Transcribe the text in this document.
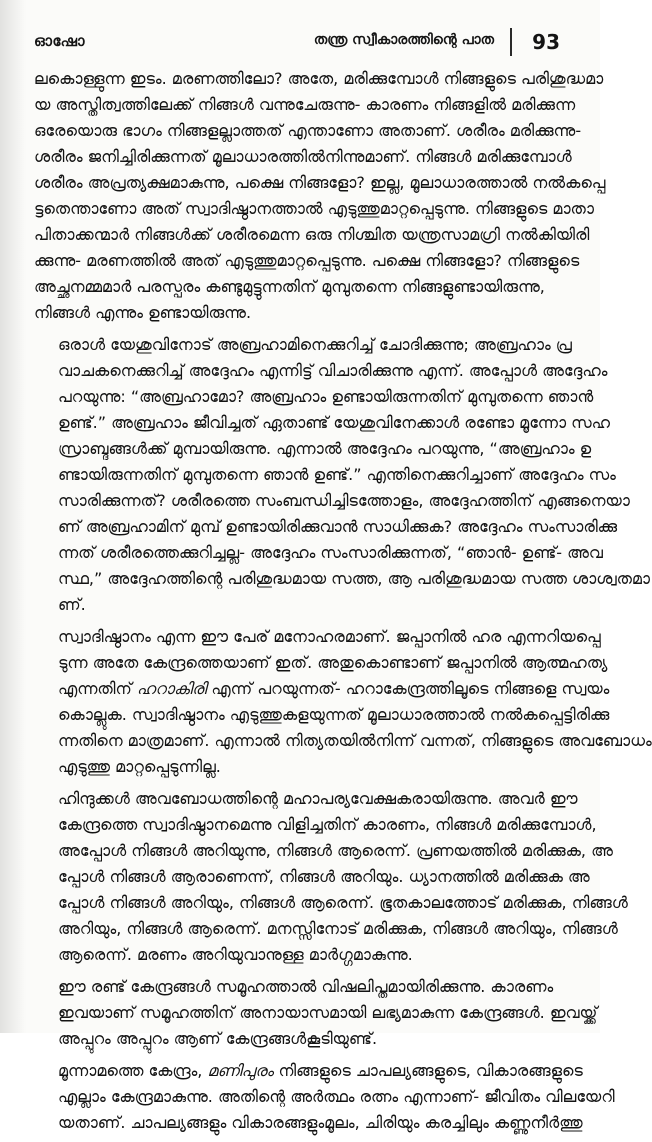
ഓഷോ	തന്ത്ര സ്വീകാരത്തിന്റെ പാത 93

ലകൊള്ളുന്ന ഇടം. മരണത്തിലോ? അതേ, മരിക്കുമ്പോൾ നിങ്ങളുടെ പരിശുദ്ധമാ
യ അസ്തിത്വത്തിലേക്ക് നിങ്ങൾ വന്നുചേരുന്നു- കാരണം നിങ്ങളിൽ മരിക്കുന്ന
ഒരേയൊരു ഭാഗം നിങ്ങളല്ലാത്തത് എന്താണോ അതാണ്. ശരീരം മരിക്കുന്നു-
ശരീരം ജനിച്ചിരിക്കുന്നത് മൂലാധാരത്തിൽനിന്നുമാണ്. നിങ്ങൾ മരിക്കുമ്പോൾ
ശരീരം അപ്രത്യക്ഷമാകുന്നു, പക്ഷെ നിങ്ങളോ? ഇല്ല, മൂലാധാരത്താൽ നൽകപ്പെ
ട്ടതെന്താണോ അത് സ്വാദിഷ്ഠാനത്താൽ എടുത്തുമാറ്റപ്പെടുന്നു. നിങ്ങളുടെ മാതാ
പിതാക്കന്മാർ നിങ്ങൾക്ക് ശരീരമെന്ന ഒരു നിശ്ചിത യന്ത്രസാമഗ്രി നൽകിയിരി
ക്കുന്നു- മരണത്തിൽ അത് എടുത്തുമാറ്റപ്പെടുന്നു. പക്ഷെ നിങ്ങളോ? നിങ്ങളുടെ
അച്ഛനമ്മമാർ പരസ്പരം കണ്ടുമുട്ടുന്നതിന് മുമ്പുതന്നെ നിങ്ങളുണ്ടായിരുന്നു,
നിങ്ങൾ എന്നും ഉണ്ടായിരുന്നു.

ഒരാൾ യേശുവിനോട് അബ്രഹാമിനെക്കുറിച്ച് ചോദിക്കുന്നു; അബ്രഹാം പ്ര
വാചകനെക്കുറിച്ച് അദ്ദേഹം എന്നിട്ട് വിചാരിക്കുന്നു എന്ന്. അപ്പോൾ അദ്ദേഹം
പറയുന്നു: “അബ്രഹാമോ? അബ്രഹാം ഉണ്ടായിരുന്നതിന് മുമ്പുതന്നെ ഞാൻ
ഉണ്ട്.” അബ്രഹാം ജീവിച്ചത് ഏതാണ്ട് യേശുവിനേക്കാൾ രണ്ടോ മൂന്നോ സഹ
സ്രാബ്ദങ്ങൾക്ക് മുമ്പായിരുന്നു. എന്നാൽ അദ്ദേഹം പറയുന്നു, “അബ്രഹാം ഉ
ണ്ടായിരുന്നതിന് മുമ്പുതന്നെ ഞാൻ ഉണ്ട്.” എന്തിനെക്കുറിച്ചാണ് അദ്ദേഹം സം
സാരിക്കുന്നത്? ശരീരത്തെ സംബന്ധിച്ചിടത്തോളം, അദ്ദേഹത്തിന് എങ്ങനെയാ
ണ് അബ്രഹാമിന് മുമ്പ് ഉണ്ടായിരിക്കുവാൻ സാധിക്കുക? അദ്ദേഹം സംസാരിക്കു
ന്നത് ശരീരത്തെക്കുറിച്ചല്ല- അദ്ദേഹം സംസാരിക്കുന്നത്, “ഞാൻ- ഉണ്ട്- അവ
സ്ഥ,” അദ്ദേഹത്തിന്റെ പരിശുദ്ധമായ സത്ത, ആ പരിശുദ്ധമായ സത്ത ശാശ്വതമാ
ണ്.

സ്വാദിഷ്ഠാനം എന്ന ഈ പേര് മനോഹരമാണ്. ജപ്പാനിൽ ഹര എന്നറിയപ്പെ
ടുന്ന അതേ കേന്ദ്രത്തെയാണ് ഇത്. അതുകൊണ്ടാണ് ജപ്പാനിൽ ആത്മഹത്യ
എന്നതിന് ഹറാകിരി എന്ന് പറയുന്നത്- ഹറാകേന്ദ്രത്തിലൂടെ നിങ്ങളെ സ്വയം
കൊല്ലുക. സ്വാദിഷ്ഠാനം എടുത്തുകളയുന്നത് മൂലാധാരത്താൽ നൽകപ്പെട്ടിരിക്കു
ന്നതിനെ മാത്രമാണ്. എന്നാൽ നിത്യതയിൽനിന്ന് വന്നത്, നിങ്ങളുടെ അവബോധം
എടുത്തു മാറ്റപ്പെടുന്നില്ല.

ഹിന്ദുക്കൾ അവബോധത്തിന്റെ മഹാപര്യവേക്ഷകരായിരുന്നു. അവർ ഈ
കേന്ദ്രത്തെ സ്വാദിഷ്ഠാനമെന്നു വിളിച്ചതിന് കാരണം, നിങ്ങൾ മരിക്കുമ്പോൾ,
അപ്പോൾ നിങ്ങൾ അറിയുന്നു, നിങ്ങൾ ആരെന്ന്. പ്രണയത്തിൽ മരിക്കുക, അ
പ്പോൾ നിങ്ങൾ ആരാണെന്ന്, നിങ്ങൾ അറിയും. ധ്യാനത്തിൽ മരിക്കുക അ
പ്പോൾ നിങ്ങൾ അറിയും, നിങ്ങൾ ആരെന്ന്. ഭൂതകാലത്തോട് മരിക്കുക, നിങ്ങൾ
അറിയും, നിങ്ങൾ ആരെന്ന്. മനസ്സിനോട് മരിക്കുക, നിങ്ങൾ അറിയും, നിങ്ങൾ
ആരെന്ന്. മരണം അറിയുവാനുള്ള മാർഗ്ഗമാകുന്നു.

ഈ രണ്ട് കേന്ദ്രങ്ങൾ സമൂഹത്താൽ വിഷലിപ്തമായിരിക്കുന്നു. കാരണം
ഇവയാണ് സമൂഹത്തിന് അനായാസമായി ലഭ്യമാകുന്ന കേന്ദ്രങ്ങൾ. ഇവയ്ക്ക്
അപ്പുറം അപ്പുറം ആണ് കേന്ദ്രങ്ങൾകൂടിയുണ്ട്.

മൂന്നാമത്തെ കേന്ദ്രം, മണിപുരം നിങ്ങളുടെ ചാപല്യങ്ങളുടെ, വികാരങ്ങളുടെ
എല്ലാം കേന്ദ്രമാകുന്നു. അതിന്റെ അർത്ഥം രത്നം എന്നാണ്- ജീവിതം വിലയേറി
യതാണ്. ചാപല്യങ്ങളും വികാരങ്ങളുംമൂലം, ചിരിയും കരച്ചിലും കണ്ണുനീർത്തു
